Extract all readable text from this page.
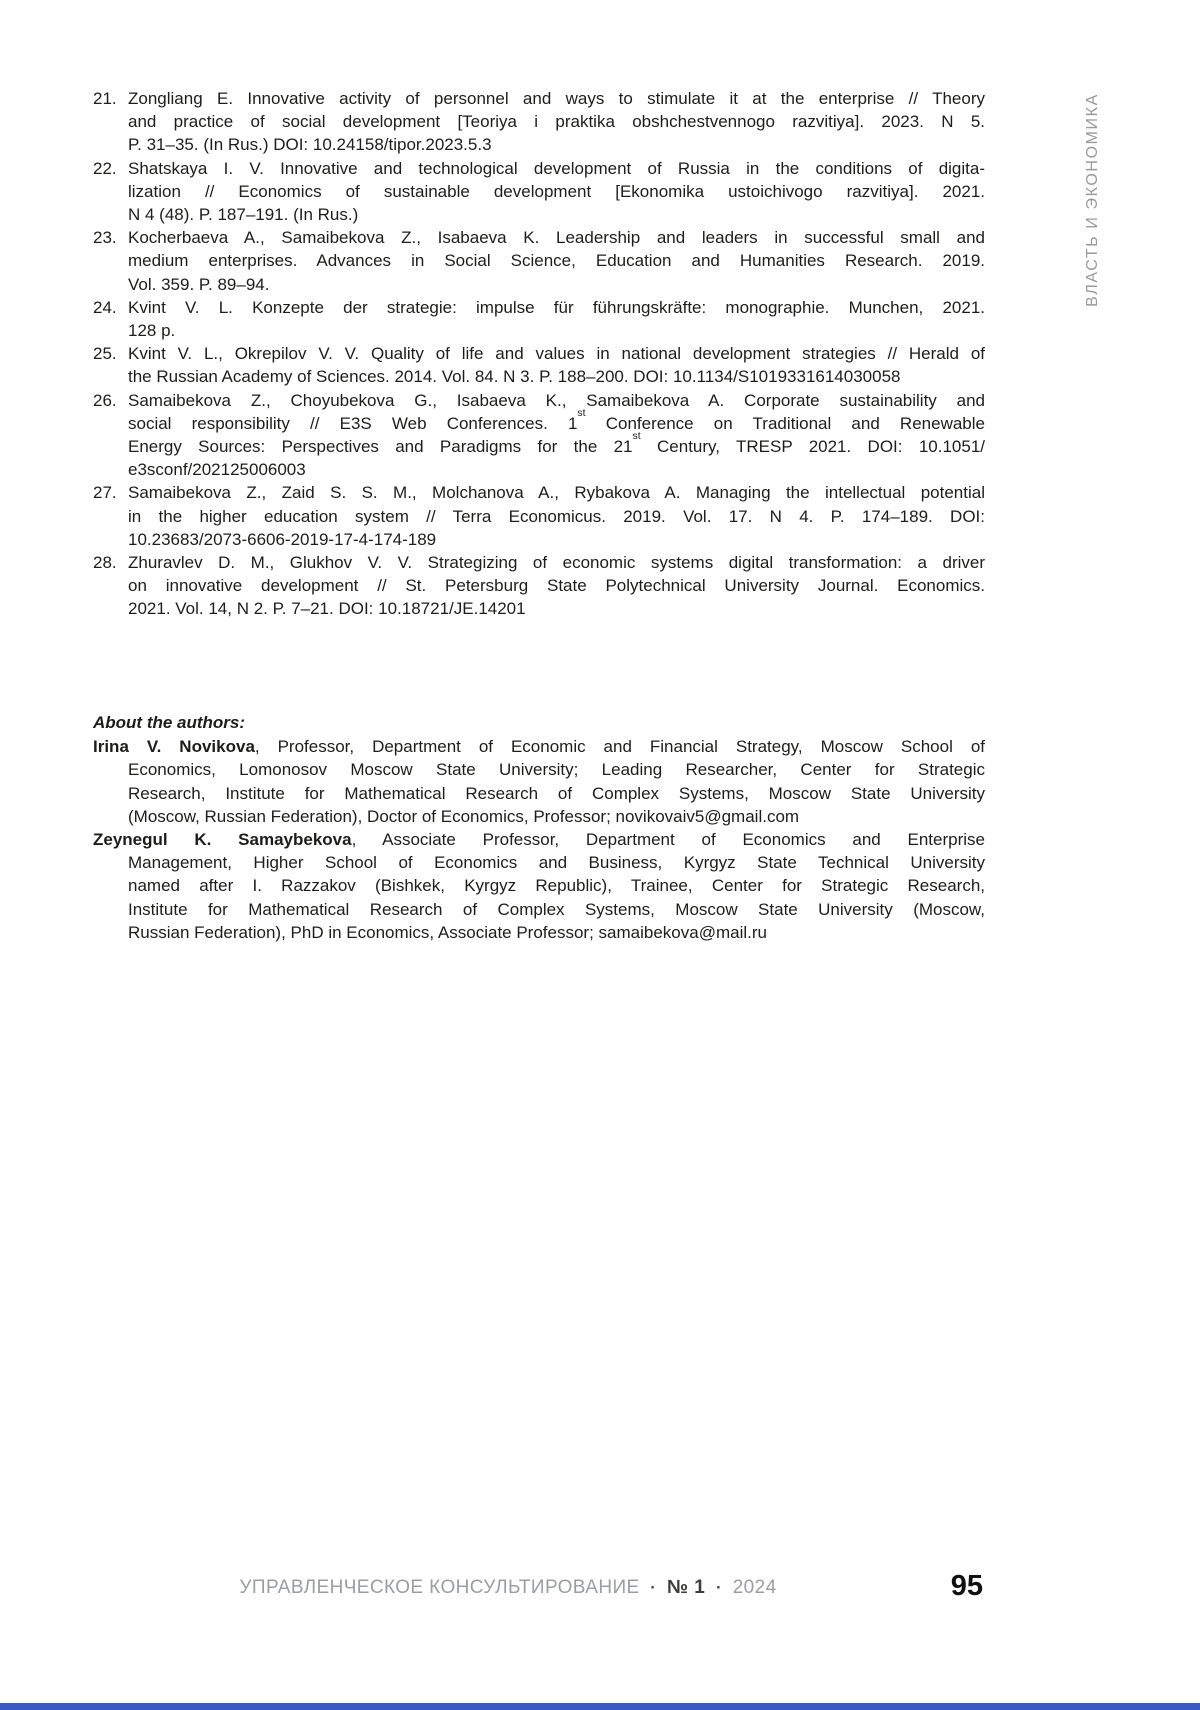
21. Zongliang E. Innovative activity of personnel and ways to stimulate it at the enterprise // Theory
and practice of social development [Teoriya i praktika obshchestvennogo razvitiya]. 2023. N 5.
P. 31–35. (In Rus.) DOI: 10.24158/tipor.2023.5.3
22. Shatskaya I. V. Innovative and technological development of Russia in the conditions of digita-
lization // Economics of sustainable development [Ekonomika ustoichivogo razvitiya]. 2021.
N 4 (48). P. 187–191. (In Rus.)
23. Kocherbaeva A., Samaibekova Z., Isabaeva K. Leadership and leaders in successful small and
medium enterprises. Advances in Social Science, Education and Humanities Research. 2019.
Vol. 359. P. 89–94.
24. Kvint V. L. Konzepte der strategie: impulse für führungskräfte: monographie. Munchen, 2021.
128 p.
25. Kvint V. L., Okrepilov V. V. Quality of life and values in national development strategies // Herald of
the Russian Academy of Sciences. 2014. Vol. 84. N 3. P. 188–200. DOI: 10.1134/S1019331614030058
26. Samaibekova Z., Choyubekova G., Isabaeva K., Samaibekova A. Corporate sustainability and
social responsibility // E3S Web Conferences. 1st Conference on Traditional and Renewable
Energy Sources: Perspectives and Paradigms for the 21st Century, TRESP 2021. DOI: 10.1051/
e3sconf/202125006003
27. Samaibekova Z., Zaid S. S. M., Molchanova A., Rybakova A. Managing the intellectual potential
in the higher education system // Terra Economicus. 2019. Vol. 17. N 4. P. 174–189. DOI:
10.23683/2073-6606-2019-17-4-174-189
28. Zhuravlev D. M., Glukhov V. V. Strategizing of economic systems digital transformation: a driver
on innovative development // St. Petersburg State Polytechnical University Journal. Economics.
2021. Vol. 14, N 2. P. 7–21. DOI: 10.18721/JE.14201
About the authors:
Irina V. Novikova, Professor, Department of Economic and Financial Strategy, Moscow School of
Economics, Lomonosov Moscow State University; Leading Researcher, Center for Strategic
Research, Institute for Mathematical Research of Complex Systems, Moscow State University
(Moscow, Russian Federation), Doctor of Economics, Professor; novikovaiv5@gmail.com
Zeynegul K. Samaybekova, Associate Professor, Department of Economics and Enterprise
Management, Higher School of Economics and Business, Kyrgyz State Technical University
named after I. Razzakov (Bishkek, Kyrgyz Republic), Trainee, Center for Strategic Research,
Institute for Mathematical Research of Complex Systems, Moscow State University (Moscow,
Russian Federation), PhD in Economics, Associate Professor; samaibekova@mail.ru
ВЛАСТЬ И ЭКОНОМИКА
УПРАВЛЕНЧЕСКОЕ КОНСУЛЬТИРОВАНИЕ · № 1 · 2024	95
